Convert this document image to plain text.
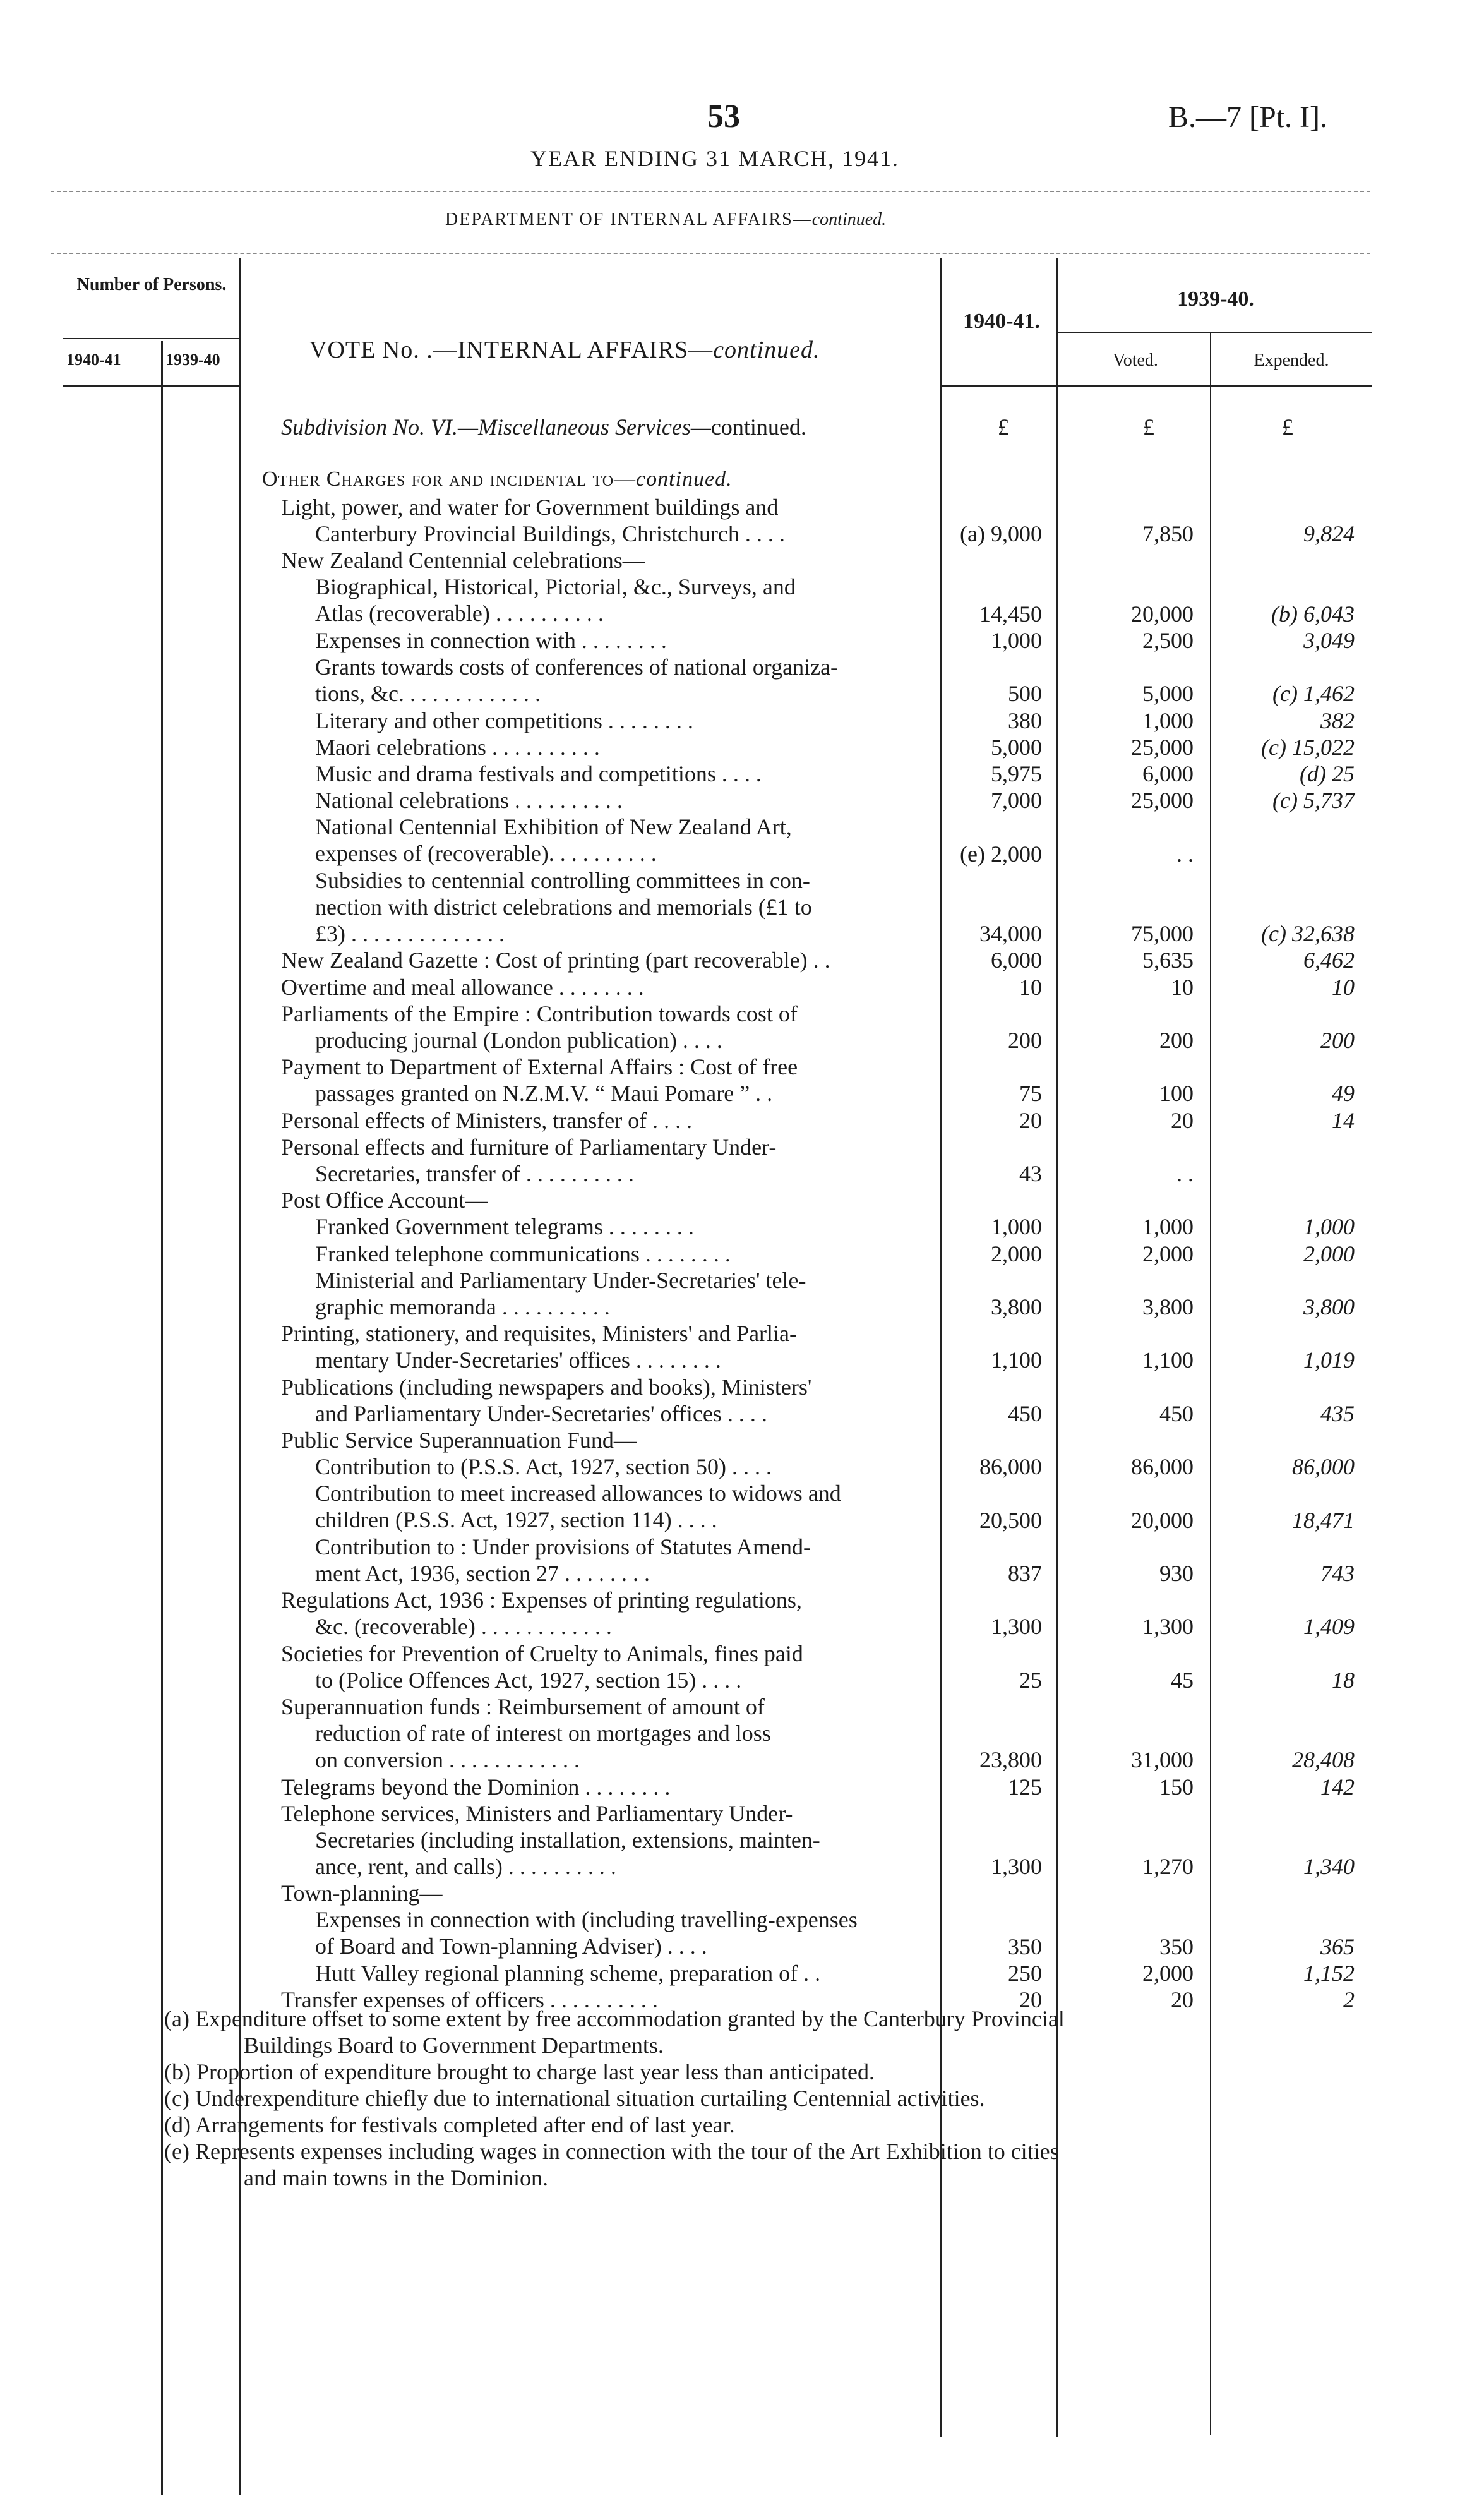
53	B.—7 [Pt. I].
YEAR ENDING 31 MARCH, 1941.
DEPARTMENT OF INTERNAL AFFAIRS—continued.
Number of Persons.
1940-41	1939-40	VOTE No. .—INTERNAL AFFAIRS—continued.
1940-41.
1939-40.
Voted.	Expended.
Subdivision No. VI.—Miscellaneous Services—continued.	£	£	£
Other Charges for and incidental to—continued.
Light, power, and water for Government buildings and
  Canterbury Provincial Buildings, Christchurch . . . .	(a) 9,000	7,850	9,824
New Zealand Centennial celebrations—
  Biographical, Historical, Pictorial, &c., Surveys, and
  Atlas (recoverable) . . . . . . . . . .	14,450	20,000	(b) 6,043
  Expenses in connection with . . . . . . . .	1,000	2,500	3,049
  Grants towards costs of conferences of national organiza-
  tions, &c. . . . . . . . . . . . .	500	5,000	(c) 1,462
  Literary and other competitions . . . . . . . .	380	1,000	382
  Maori celebrations . . . . . . . . . .	5,000	25,000	(c) 15,022
  Music and drama festivals and competitions . . . .	5,975	6,000	(d) 25
  National celebrations . . . . . . . . . .	7,000	25,000	(c) 5,737
  National Centennial Exhibition of New Zealand Art,
  expenses of (recoverable). . . . . . . . . .	(e) 2,000	. .
  Subsidies to centennial controlling committees in con-
  nection with district celebrations and memorials (£1 to
  £3) . . . . . . . . . . . . . .	34,000	75,000	(c) 32,638
New Zealand Gazette : Cost of printing (part recoverable) . .	6,000	5,635	6,462
Overtime and meal allowance . . . . . . . .	10	10	10
Parliaments of the Empire : Contribution towards cost of
  producing journal (London publication) . . . .	200	200	200
Payment to Department of External Affairs : Cost of free
  passages granted on N.Z.M.V. “ Maui Pomare ” . .	75	100	49
Personal effects of Ministers, transfer of . . . .	20	20	14
Personal effects and furniture of Parliamentary Under-
  Secretaries, transfer of . . . . . . . . . .	43	. .
Post Office Account—
  Franked Government telegrams . . . . . . . .	1,000	1,000	1,000
  Franked telephone communications . . . . . . . .	2,000	2,000	2,000
  Ministerial and Parliamentary Under-Secretaries' tele-
  graphic memoranda . . . . . . . . . .	3,800	3,800	3,800
Printing, stationery, and requisites, Ministers' and Parlia-
  mentary Under-Secretaries' offices . . . . . . . .	1,100	1,100	1,019
Publications (including newspapers and books), Ministers'
  and Parliamentary Under-Secretaries' offices . . . .	450	450	435
Public Service Superannuation Fund—
  Contribution to (P.S.S. Act, 1927, section 50) . . . .	86,000	86,000	86,000
  Contribution to meet increased allowances to widows and
  children (P.S.S. Act, 1927, section 114) . . . .	20,500	20,000	18,471
  Contribution to : Under provisions of Statutes Amend-
  ment Act, 1936, section 27 . . . . . . . .	837	930	743
Regulations Act, 1936 : Expenses of printing regulations,
  &c. (recoverable) . . . . . . . . . . . .	1,300	1,300	1,409
Societies for Prevention of Cruelty to Animals, fines paid
  to (Police Offences Act, 1927, section 15) . . . .	25	45	18
Superannuation funds : Reimbursement of amount of
  reduction of rate of interest on mortgages and loss
  on conversion . . . . . . . . . . . .	23,800	31,000	28,408
Telegrams beyond the Dominion . . . . . . . .	125	150	142
Telephone services, Ministers and Parliamentary Under-
  Secretaries (including installation, extensions, mainten-
  ance, rent, and calls) . . . . . . . . . .	1,300	1,270	1,340
Town-planning—
  Expenses in connection with (including travelling-expenses
  of Board and Town-planning Adviser) . . . .	350	350	365
  Hutt Valley regional planning scheme, preparation of . .	250	2,000	1,152
Transfer expenses of officers . . . . . . . . . .	20	20	2
(a) Expenditure offset to some extent by free accommodation granted by the Canterbury Provincial
    Buildings Board to Government Departments.
(b) Proportion of expenditure brought to charge last year less than anticipated.
(c) Underexpenditure chiefly due to international situation curtailing Centennial activities.
(d) Arrangements for festivals completed after end of last year.
(e) Represents expenses including wages in connection with the tour of the Art Exhibition to cities
    and main towns in the Dominion.
